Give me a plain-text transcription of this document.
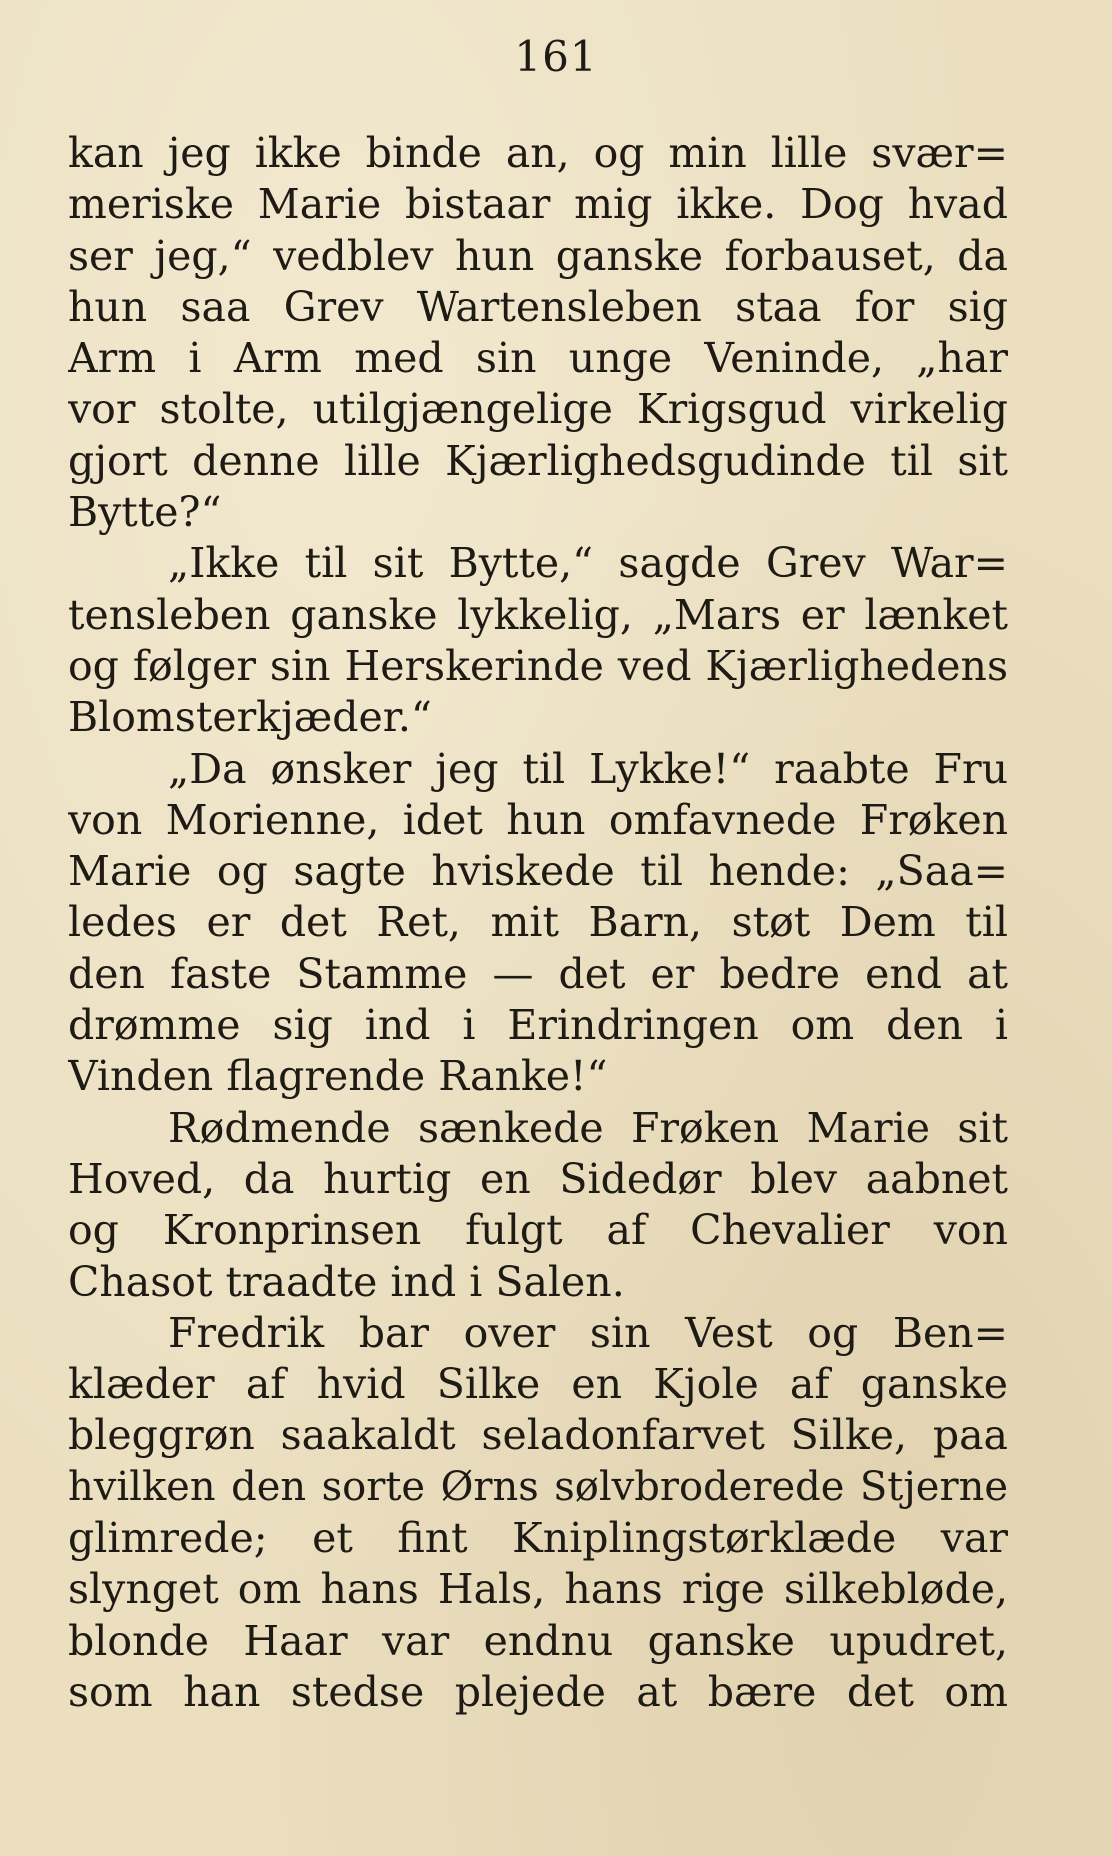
161
kan jeg ikke binde an, og min lille svær=
meriske Marie bistaar mig ikke. Dog hvad
ser jeg,“ vedblev hun ganske forbauset, da
hun saa Grev Wartensleben staa for sig
Arm i Arm med sin unge Veninde, „har
vor stolte, utilgjængelige Krigsgud virkelig
gjort denne lille Kjærlighedsgudinde til sit
Bytte?“
„Ikke til sit Bytte,“ sagde Grev War=
tensleben ganske lykkelig, „Mars er lænket
og følger sin Herskerinde ved Kjærlighedens
Blomsterkjæder.“
„Da ønsker jeg til Lykke!“ raabte Fru
von Morienne, idet hun omfavnede Frøken
Marie og sagte hviskede til hende: „Saa=
ledes er det Ret, mit Barn, støt Dem til
den faste Stamme — det er bedre end at
drømme sig ind i Erindringen om den i
Vinden flagrende Ranke!“
Rødmende sænkede Frøken Marie sit
Hoved, da hurtig en Sidedør blev aabnet
og Kronprinsen fulgt af Chevalier von
Chasot traadte ind i Salen.
Fredrik bar over sin Vest og Ben=
klæder af hvid Silke en Kjole af ganske
bleggrøn saakaldt seladonfarvet Silke, paa
hvilken den sorte Ørns sølvbroderede Stjerne
glimrede; et fint Kniplingstørklæde var
slynget om hans Hals, hans rige silkebløde,
blonde Haar var endnu ganske upudret,
som han stedse plejede at bære det om
